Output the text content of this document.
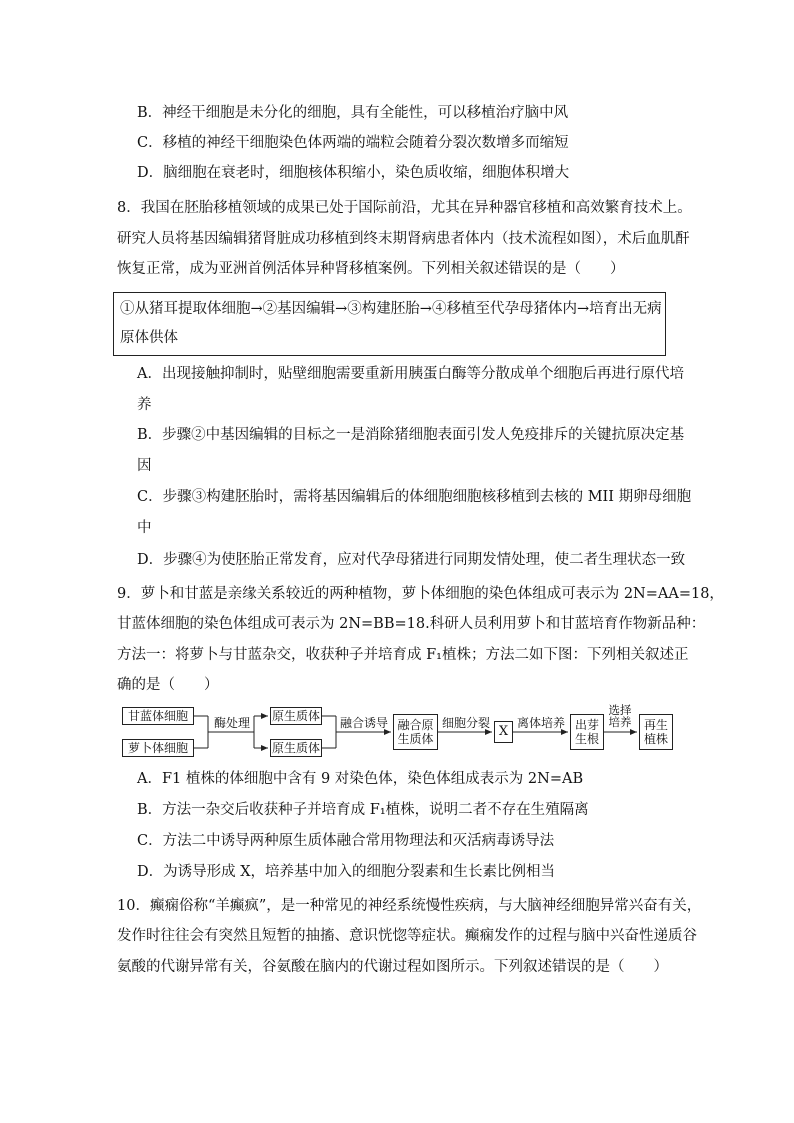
B．神经干细胞是未分化的细胞，具有全能性，可以移植治疗脑中风
C．移植的神经干细胞染色体两端的端粒会随着分裂次数增多而缩短
D．脑细胞在衰老时，细胞核体积缩小，染色质收缩，细胞体积增大
8．我国在胚胎移植领域的成果已处于国际前沿，尤其在异种器官移植和高效繁育技术上。
研究人员将基因编辑猪肾脏成功移植到终末期肾病患者体内（技术流程如图），术后血肌酐
恢复正常，成为亚洲首例活体异种肾移植案例。下列相关叙述错误的是（　　）
①从猪耳提取体细胞→②基因编辑→③构建胚胎→④移植至代孕母猪体内→培育出无病
原体供体
A．出现接触抑制时，贴壁细胞需要重新用胰蛋白酶等分散成单个细胞后再进行原代培
养
B．步骤②中基因编辑的目标之一是消除猪细胞表面引发人免疫排斥的关键抗原决定基
因
C．步骤③构建胚胎时，需将基因编辑后的体细胞细胞核移植到去核的 MII 期卵母细胞
中
D．步骤④为使胚胎正常发育，应对代孕母猪进行同期发情处理，使二者生理状态一致
9．萝卜和甘蓝是亲缘关系较近的两种植物，萝卜体细胞的染色体组成可表示为 2N=AA=18，
甘蓝体细胞的染色体组成可表示为 2N=BB=18.科研人员利用萝卜和甘蓝培育作物新品种：
方法一：将萝卜与甘蓝杂交，收获种子并培育成 F₁植株；方法二如下图：下列相关叙述正
确的是（　　）
甘蓝体细胞
萝卜体细胞
酶处理 原生质体
原生质体
融合诱导 融合原生质体
细胞分裂
X
离体培养 出芽生根
选择培养	再生植株
A．F1 植株的体细胞中含有 9 对染色体，染色体组成表示为 2N=AB
B．方法一杂交后收获种子并培育成 F₁植株，说明二者不存在生殖隔离
C．方法二中诱导两种原生质体融合常用物理法和灭活病毒诱导法
D．为诱导形成 X，培养基中加入的细胞分裂素和生长素比例相当
10．癫痫俗称“羊癫疯”，是一种常见的神经系统慢性疾病，与大脑神经细胞异常兴奋有关，
发作时往往会有突然且短暂的抽搐、意识恍惚等症状。癫痫发作的过程与脑中兴奋性递质谷
氨酸的代谢异常有关，谷氨酸在脑内的代谢过程如图所示。下列叙述错误的是（　　）
